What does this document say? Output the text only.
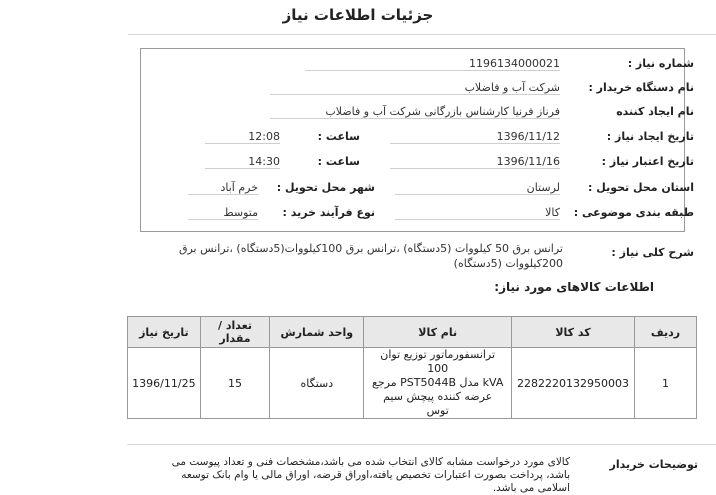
جزئیات اطلاعات نیاز
شماره نیاز :
1196134000021
نام دستگاه خریدار :
شرکت آب و فاضلاب
نام ایجاد کننده
فرناز فرنیا کارشناس بازرگانی شرکت آب و فاضلاب
تاریخ ایجاد نیاز :
1396/11/12
ساعت :
12:08
تاریخ اعتبار نیاز :
1396/11/16
ساعت :
14:30
استان محل تحویل :
لرستان
شهر محل تحویل :
خرم آباد
طبقه بندی موضوعی :
کالا
نوع فرآیند خرید :
متوسط
شرح کلی نیاز :
ترانس برق 50 کیلووات (5دستگاه) ،ترانس برق 100کیلووات(5دستگاه) ،ترانس برق
200کیلووات (5دستگاه)
اطلاعات کالاهای مورد نیاز:
ردیف	کد کالا	نام کالا	واحد شمارش	تعداد / مقدار	تاریخ نیاز
1	2282220132950003	ترانسفورماتور توزیع توان 100
kVA مدل PST5044B مرجع
عرضه کننده پیچش سیم توس	دستگاه	15	1396/11/25
توضیحات خریدار
کالای مورد درخواست مشابه کالای انتخاب شده می باشد،مشخصات فنی و تعداد پیوست می
باشد، پرداخت بصورت اعتبارات تخصیص یافته،اوراق قرضه، اوراق مالی یا وام بانک توسعه
اسلامی می باشد.
